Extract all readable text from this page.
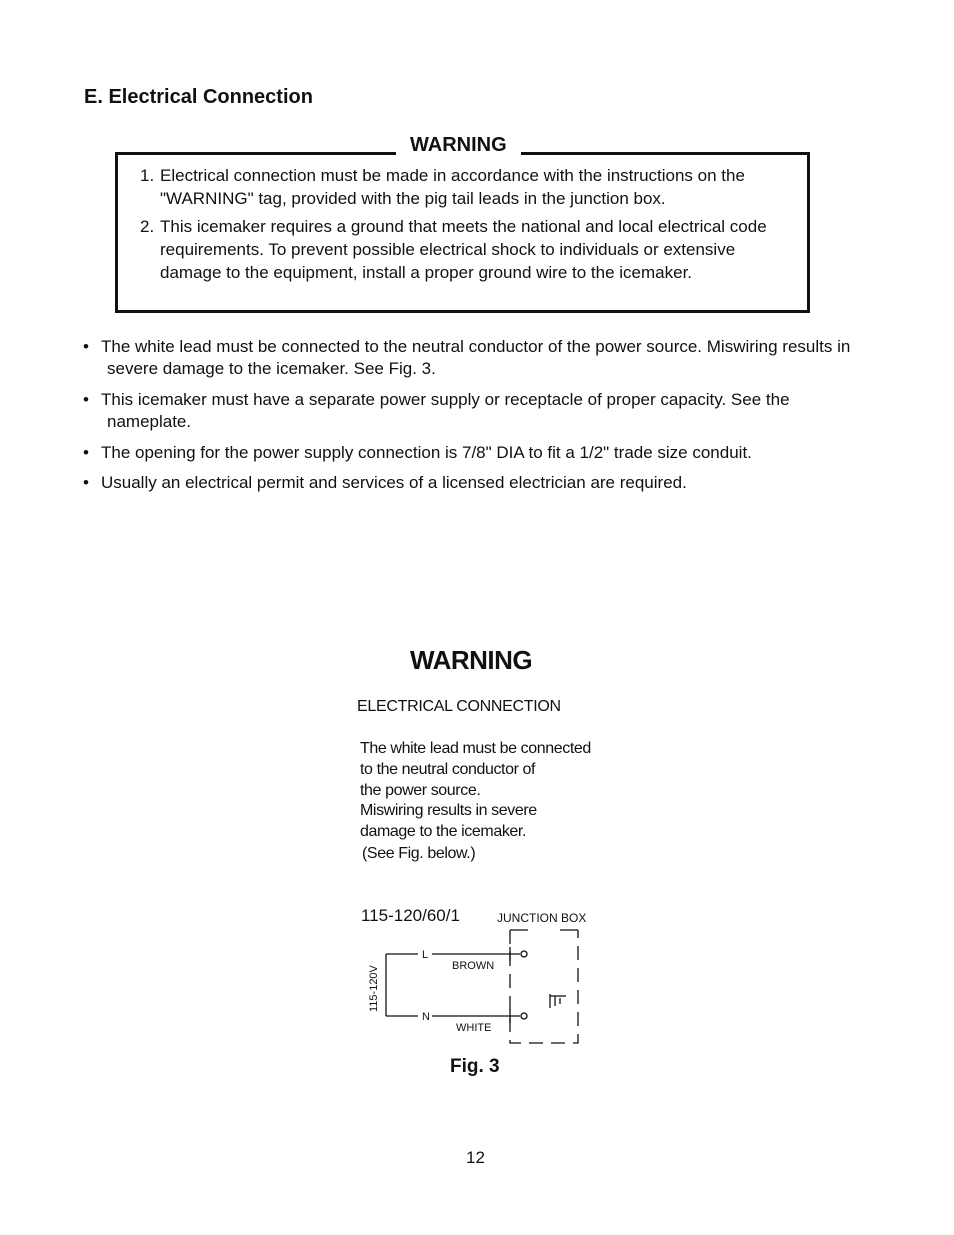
E. Electrical Connection
WARNING
1. Electrical connection must be made in accordance with the instructions on the "WARNING" tag, provided with the pig tail leads in the junction box.
2. This icemaker requires a ground that meets the national and local electrical code requirements. To prevent possible electrical shock to individuals or extensive damage to the equipment, install a proper ground wire to the icemaker.
• The white lead must be connected to the neutral conductor of the power source. Miswiring results in severe damage to the icemaker. See Fig. 3.
• This icemaker must have a separate power supply or receptacle of proper capacity. See the nameplate.
• The opening for the power supply connection is 7/8" DIA to fit a 1/2" trade size conduit.
• Usually an electrical permit and services of a licensed electrician are required.
WARNING
ELECTRICAL CONNECTION
The white lead must be connected
to the neutral conductor of
the power source.
Miswiring results in severe
damage to the icemaker.
(See Fig. below.)
115-120/60/1	JUNCTION BOX
L
N
BROWN
WHITE
115-120V
Fig. 3
12
